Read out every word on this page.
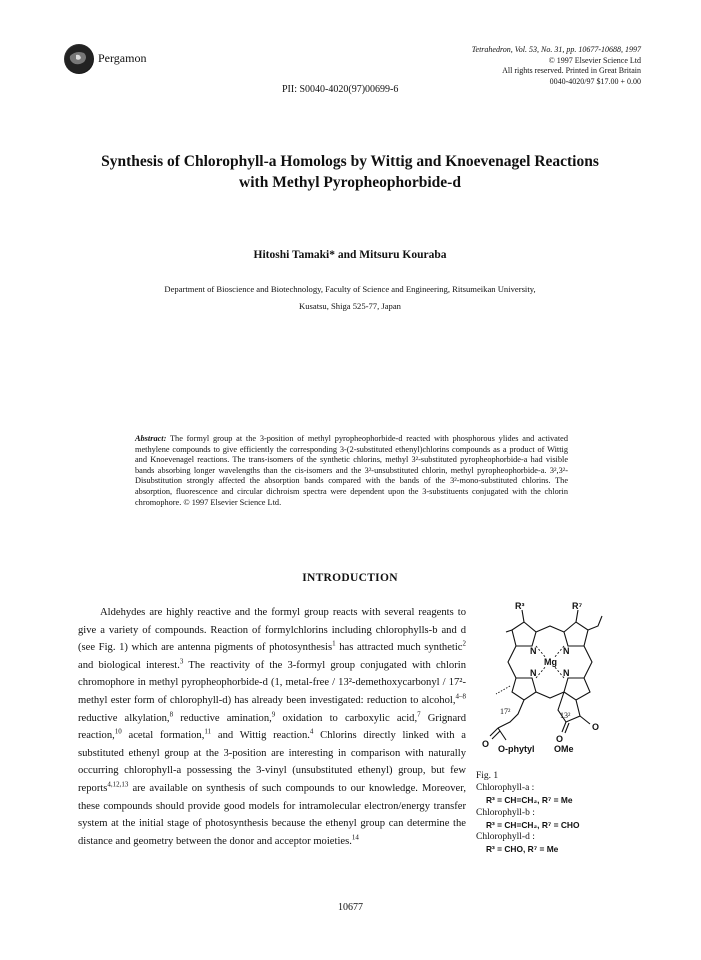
Pergamon
Tetrahedron, Vol. 53, No. 31, pp. 10677-10688, 1997
© 1997 Elsevier Science Ltd
All rights reserved. Printed in Great Britain
0040-4020/97 $17.00 + 0.00
PII: S0040-4020(97)00699-6
Synthesis of Chlorophyll-a Homologs by Wittig and Knoevenagel Reactions
with Methyl Pyropheophorbide-d
Hitoshi Tamaki* and Mitsuru Kouraba
Department of Bioscience and Biotechnology, Faculty of Science and Engineering, Ritsumeikan University,
Kusatsu, Shiga 525-77, Japan
Abstract: The formyl group at the 3-position of methyl pyropheophorbide-d reacted with phosphorous ylides and activated methylene compounds to give efficiently the corresponding 3-(2-substituted ethenyl)chlorins compounds as a product of Wittig and Knoevenagel reactions. The trans-isomers of the synthetic chlorins, methyl 3²-substituted pyropheophorbide-a had visible bands absorbing longer wavelengths than the cis-isomers and the 3²-unsubstituted chlorin, methyl pyropheophorbide-a. 3²,3²-Disubstitution strongly affected the absorption bands compared with the bands of the 3²-mono-substituted chlorins. The absorption, fluorescence and circular dichroism spectra were dependent upon the 3-substituents conjugated with the chlorin chromophore. © 1997 Elsevier Science Ltd.
INTRODUCTION

Aldehydes are highly reactive and the formyl group reacts with several reagents to give a variety of compounds. Reaction of formylchlorins including chlorophylls-b and d (see Fig. 1) which are antenna pigments of photosynthesis$^1$ has attracted much synthetic$^2$ and biological interest.$^3$ The reactivity of the 3-formyl group conjugated with chlorin chromophore in methyl pyropheophorbide-d (1, metal-free / 13²-demethoxycarbonyl / 17²-methyl ester form of chlorophyll-d) has already been investigated: reduction to alcohol,$^{4-8}$ reductive alkylation,$^8$ reductive amination,$^9$ oxidation to carboxylic acid,$^7$ Grignard reaction,$^{10}$ acetal formation,$^{11}$ and Wittig reaction.$^4$ Chlorins directly linked with a substituted ethenyl group at the 3-position are interesting in comparison with naturally occurring chlorophyll-a possessing the 3-vinyl (unsubstituted ethenyl) group, but few reports$^{4,12,13}$ are available on synthesis of such compounds to our knowledge. Moreover, these compounds should provide good models for intramolecular electron/energy transfer system at the initial stage of photosynthesis because the ethenyl group can determine the distance and geometry between the donor and acceptor moieties.$^{14}$

R³	R⁷
N	N
N	N
Mg
O	O
O
O-phytyl OMe
17²	13²
Fig. 1
Chlorophyll-a :
R³ = CH=CH₂, R⁷ = Me
Chlorophyll-b :
R³ = CH=CH₂, R⁷ = CHO
Chlorophyll-d :
R³ = CHO, R⁷ = Me
10677
